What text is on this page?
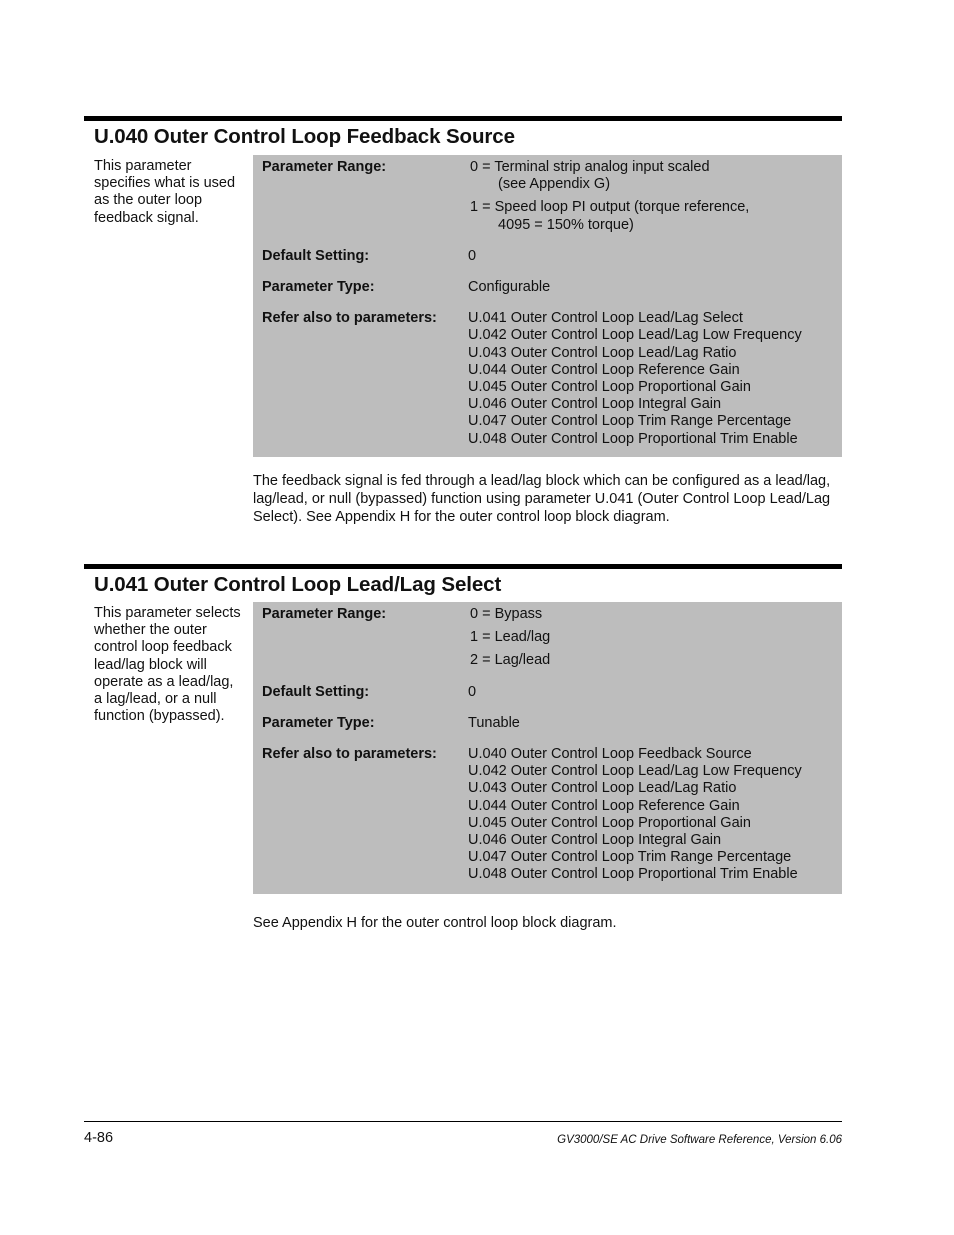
U.040 Outer Control Loop Feedback Source
This parameter specifies what is used as the outer loop feedback signal.
Parameter Range:	0 = Terminal strip analog input scaled
(see Appendix G)
1 = Speed loop PI output (torque reference,
4095 = 150% torque)
Default Setting:	0
Parameter Type:	Configurable
Refer also to parameters:	U.041 Outer Control Loop Lead/Lag Select
U.042 Outer Control Loop Lead/Lag Low Frequency
U.043 Outer Control Loop Lead/Lag Ratio
U.044 Outer Control Loop Reference Gain
U.045 Outer Control Loop Proportional Gain
U.046 Outer Control Loop Integral Gain
U.047 Outer Control Loop Trim Range Percentage
U.048 Outer Control Loop Proportional Trim Enable
The feedback signal is fed through a lead/lag block which can be configured as a lead/lag, lag/lead, or null (bypassed) function using parameter U.041 (Outer Control Loop Lead/Lag Select). See Appendix H for the outer control loop block diagram.
U.041 Outer Control Loop Lead/Lag Select
This parameter selects whether the outer control loop feedback lead/lag block will operate as a lead/lag, a lag/lead, or a null function (bypassed).
Parameter Range:	0 = Bypass
1 = Lead/lag
2 = Lag/lead
Default Setting:	0
Parameter Type:	Tunable
Refer also to parameters:	U.040 Outer Control Loop Feedback Source
U.042 Outer Control Loop Lead/Lag Low Frequency
U.043 Outer Control Loop Lead/Lag Ratio
U.044 Outer Control Loop Reference Gain
U.045 Outer Control Loop Proportional Gain
U.046 Outer Control Loop Integral Gain
U.047 Outer Control Loop Trim Range Percentage
U.048 Outer Control Loop Proportional Trim Enable
See Appendix H for the outer control loop block diagram.
4-86	GV3000/SE AC Drive Software Reference, Version 6.06
